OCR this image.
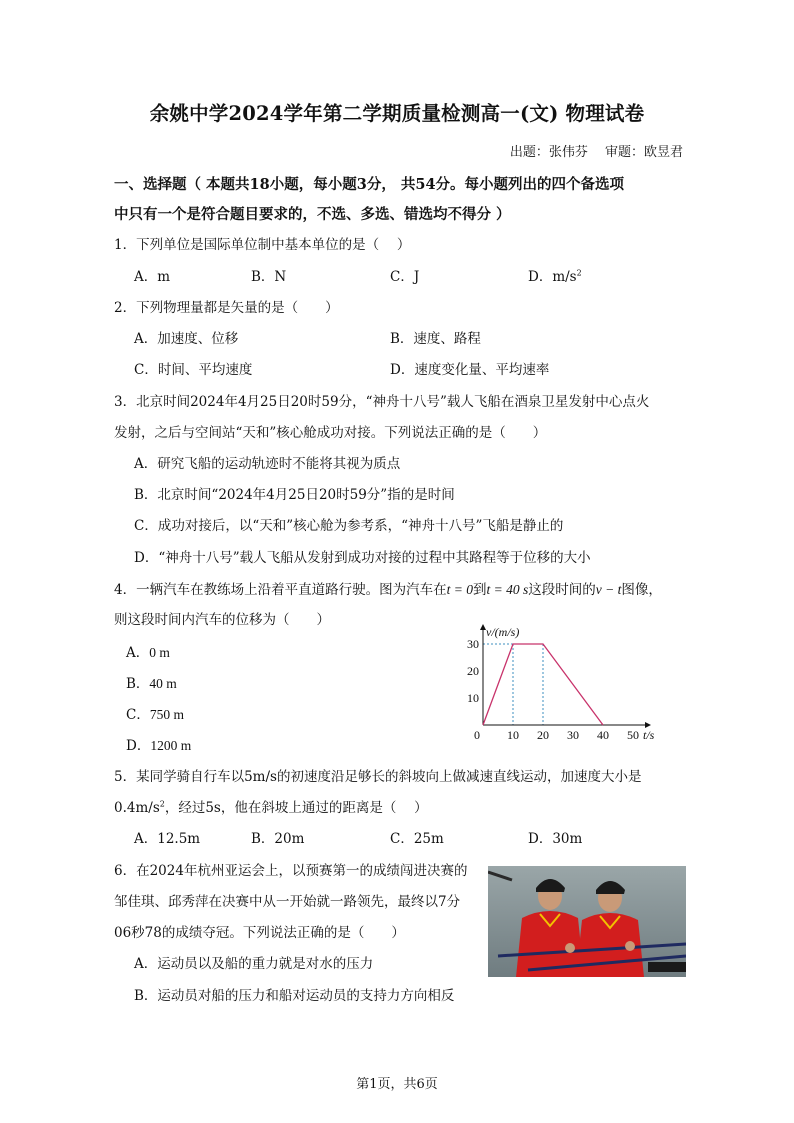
余姚中学2024学年第二学期质量检测高一(文) 物理试卷
出题：张伟芬　 审题：欧昱君
一、选择题（ 本题共18小题，每小题3分， 共54分。每小题列出的四个备选项
中只有一个是符合题目要求的，不选、多选、错选均不得分 ）
1．下列单位是国际单位制中基本单位的是（　 ）
A．m	B．N	C．J	D．$m/s^2$
2．下列物理量都是矢量的是（　　）
A．加速度、位移	B．速度、路程
C．时间、平均速度	D．速度变化量、平均速率
3．北京时间2024年4月25日20时59分，“神舟十八号”载人飞船在酒泉卫星发射中心点火
发射，之后与空间站“天和”核心舱成功对接。下列说法正确的是（　　）
A．研究飞船的运动轨迹时不能将其视为质点
B．北京时间“2024年4月25日20时59分”指的是时间
C．成功对接后，以“天和”核心舱为参考系，“神舟十八号”飞船是静止的
D．“神舟十八号”载人飞船从发射到成功对接的过程中其路程等于位移的大小
4．一辆汽车在教练场上沿着平直道路行驶。图为汽车在t = 0到t = 40 s这段时间的v − t图像，
则这段时间内汽车的位移为（　　）
A．0 m
B．40 m
C．750 m
D．1200 m
0 10 20 30 40 50
10
20
30
v/(m/s)
t/s
5．某同学骑自行车以5m/s的初速度沿足够长的斜坡向上做减速直线运动，加速度大小是
$0.4m/s^2$，经过5s，他在斜坡上通过的距离是（　 ）
A．12.5m	B．20m	C．25m	D．30m
6．在2024年杭州亚运会上，以预赛第一的成绩闯进决赛的
邹佳琪、邱秀萍在决赛中从一开始就一路领先，最终以7分
06秒78的成绩夺冠。下列说法正确的是（　　）
A．运动员以及船的重力就是对水的压力
B．运动员对船的压力和船对运动员的支持力方向相反
第1页，共6页
